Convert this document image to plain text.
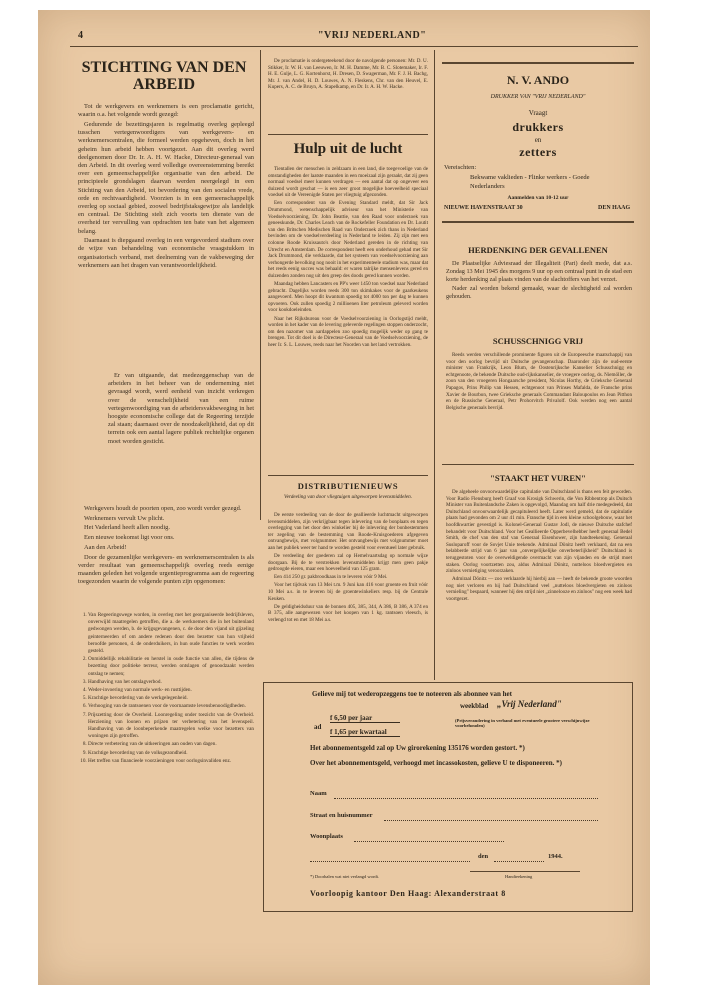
4	"VRIJ NEDERLAND"
STICHTING VAN DEN ARBEID

Tot de werkgevers en werknemers is een proclamatie gericht, waarin o.a. het volgende wordt gezegd:

Gedurende de bezettingsjaren is regelmatig overleg gepleegd tusschen vertegenwoordigers van werkgevers- en werknemerscentralen, die formeel werden opgeheven, doch in het geheim hun arbeid hebben voortgezet. Aan dit overleg werd deelgenomen door Dr. Ir. A. H. W. Hacke, Directeur-generaal van den Arbeid. In dit overleg werd volledige overeenstemming bereikt over een gemeenschappelijke organisatie van den arbeid. De principieele grondslagen daarvan werden neergelegd in een Stichting van den Arbeid, tot bevordering van den socialen vrede, orde en rechtvaardigheid. Voorzien is in een gemeenschappelijk overleg op sociaal gebied, zoowel bedrijfstaksgewijze als landelijk en centraal. De Stichting stelt zich voorts ten dienste van de overheid ter vervulling van opdrachten ten bate van het algemeen belang.

Daarnaast is diepgaand overleg in een vergevorderd stadium over de wijze van behandeling van economische vraagstukken in organisatorisch verband, met deelneming van de vakbeweging der werknemers aan het dragen van verantwoordelijkheid.

Er van uitgaande, dat medezeggenschap van de arbeiders in het beheer van de onderneming niet gevraagd wordt, werd eenheid van inzicht verkregen over de wenschelijkheid van een ruime vertegenwoordiging van de arbeidersvakbeweging in het hoogste economische college dat de Regeering terzijde zal staan; daarnaast over de noodzakelijkheid, dat op dit terrein ook een aantal lagere publiek rechtelijke organen moet worden gesticht.

Werkgevers houdt de poorten open, zoo wordt verder gezegd.

Werknemers vervult Uw plicht.

Het Vaderland heeft allen noodig.

Een nieuwe toekomst ligt voor ons.

Aan den Arbeid!

Door de gezamenlijke werkgevers- en werknemerscentralen is als verder resultaat van gemeenschappelijk overleg reeds eenige maanden geleden het volgende urgentieprogramma aan de regeering toegezonden waarin de volgende punten zijn opgenomen:

1. Van Regeeringswege worden, in overleg met het georganiseerde bedrijfsleven, onverwijld maatregelen getroffen, die a. de werknemers die in het buitenland gedwongen werden, b. de krijgsgevangenen, c. de door den vijand uit gijzeling geinterneerden of om andere redenen door den bezetter van hun vrijheid beroofde personen, d. de onderduikers, in hun oude functies te werk worden gesteld.
2. Onmiddellijk rehabilitatie en herstel in oude functie van allen, die tijdens de bezetting door politieke terreur, werden ontslagen of genoodzaakt werden ontslag te nemen;
3. Handhaving van het ontslagverbod.
4. Weder-invoering van normale werk- en rusttijden.
5. Krachtige bevordering van de werkgelegenheid.
6. Verhooging van de rantsoenen voor de voornaamste levensbenoodigdheden.
7. Prijszetting door de Overheid. Loonregeling onder toezicht van de Overheid. Herziening van loonen en prijzen ter verbetering van het levenspeil. Handhaving van de loonbeperkende maatregelen welke voor bezetters van woningen zijn getroffen.
8. Directe verbetering van de uitkeeringen aan ouden van dagen.
9. Krachtige bevordering van de volksgezondheid.
10. Het treffen van financieele voorzieningen voor oorlogsinvaliden enz.

De proclamatie is ondergeteekend door de navolgende personen: Mr. D. U. Stikker, Ir. W. H. van Leeuwen, Ir. M. H. Damme, Mr. B. C. Slotemaker, Ir. F. H. E. Gulje, L. G. Kortenhorst, H. Dresen, D. Swagerman, Mr. F. J. H. Bachg, Mr. J. van Andel, H. D. Louwes, A. N. Fleskens, Chr. van den Heuvel, E. Kupers, A. C. de Bruyn, A. Stapelkamp, en Dr. Ir. A. H. W. Hacke.

Hulp uit de lucht

Tientallen der menschen in zeldzaam in een land, die toegevoelige van de omstandigheden der laatste maanden in een moeizaal zijn geraakt, dat zij geen normaal voedsel meer kunnen verdragen — een aantal dat op ongeveer een duizend wordt geschat — is een zeer groot mogelijke hoeveelheid speciaal voedsel uit de Vereenigde Staten per vliegtuig afgezonden.

Een correspondent van de Evening Standard meldt, dat Sir Jack Drummond, wetenschappelijk adviseur van het Ministerie van Voedselvoorziening, Dr. John Beattie, van den Raad voor onderzoek van geneeskunde, Dr. Charles Leach van de Rockefeller Foundation en Dr. Loutit van den Britschen Medischen Raad van Onderzoek zich thans in Nederland bevinden om de voedselverdeeling in Nederland te leiden. Zij zijn met een colonne Roode Kruissauto's door Nederland gereden in de richting van Utrecht en Amsterdam. De correspondent heeft een onderhoud gehad met Sir Jack Drummond, die verklaarde, dat het systeem van voedselvoorziening aan verhongerde bevolking nog nooit in het experimenteele stadium was, maar dat het reeds eenig succes was behaald: er waren talrijke mensenlevens gered en duizenden zonden nog uit den greep des doods gered kunnen worden.

Maandag hebben Lancasters en PP's weer 1450 ton voedsel naar Nederland gebracht. Dagelijks worden reeds 300 ton skimkakes voor de gaarkeukens aangevoerd. Men hoopt dit kwantum spoedig tot 4000 ton per dag te kunnen opvoeren. Ook zullen spoedig 2 millioenen liter petroleum geleverd worden voor kookdoeleinden.

Naar het Rijksbureau voor de Voedselvoorziening in Oorlogstijd meldt, worden in het kader van de levering geleverde regelingen stoppen onderzocht, om den nazomer van aardappelen zoo spoedig mogelijk weder op gang te brengen. Tot dit doel is de Directeur-Generaal van de Voedselvoorziening, de heer Ir. S. L. Louwes, reeds naar het Noorden van het land vertrokken.

DISTRIBUTIENIEUWS
Verdeeling van door vliegtuigen uitgeworpen levensmiddelen.

De eerste verdeeling van de door de geallieerde luchtmacht uitgeworpen levensmiddelen, zijn verkrijgbaar tegen inlevering van de bonplaats en tegen overlegging van het door den winkelier bij de inlevering der bonbestemmen ter zegeling van de bestemming van Roode-Kruisgoederen afgegeven ontvangbewijs, met volgnummer. Het ontvangbewijs met volgnummer moet aan het publiek weer ter hand te worden gesteld voor eventueel later gebruik.

De verdeeling der goederen zal op Hemelvaartsdag op normale wijze doorgaan. Bij de te verstrekken levensmiddelen krijgt men geen pakje gedroogde eieren, maar een hoeveelheid van 125 gram.

Een 414 250 gr. pakbroodkaas in te leveren vóór 9 Mei.

Voor het tijdvak van 13 Mei t.m. 9 Juni kan 416 voor groente en fruit vóór 10 Mei a.s. in te leveren bij de groentewinkeliers resp. bij de Centrale Keuken.

De geldigheidsduur van de bonnen 405, 385, 344, A 386, B 386, A 374 en B 375, alle aangewezen voor het koopen van 1 kg. rantsoen vleesch, is verlengd tot en met 18 Mei a.s.

N. V. ANDO
DRUKKER VAN "VRIJ NEDERLAND"
Vraagt
drukkers
en
zetters
Vereischten:
Bekwame vaklieden - Flinke werkers - Goede Nederlanders
Aanmelden van 10-12 uur
NIEUWE HAVENSTRAAT 30	DEN HAAG
HERDENKING DER GEVALLENEN

De Plaatselijke Adviesraad der Illegaliteit (Pari) deelt mede, dat a.s. Zondag 13 Mei 1945 des morgens 9 uur op een centraal punt in de stad een korte herdenking zal plaats vinden van de slachtoffers van het verzet.

Nader zal worden bekend gemaakt, waar de slechtigheid zal worden gehouden.

SCHUSSCHNIGG VRIJ

Reeds werden verschillende prominente figuren uit de Europeesche maatschappij van voor den oorlog bevrijd uit Duitsche gevangenschap. Daaronder zijn de oud-eerste minister van Frankrijk, Leon Blum, de Oostenrijksche Kanselier Schusschnigg en echtgenoote, de bekende Duitsche oud-rijkskanselier, de vroegere oorlog, ds. Niemöller, de zoon van den vroegeren Hongaarsche president, Nicolas Horthy, de Grieksche Generaal Papagos, Prins Philip van Hessen, echtgenoot van Prinses Mafalda, de Fransche prins Xavier de Bourbon, twee Grieksche generaals Commandant Baloupoulos en Jean Pitthon en de Russische Generaal, Petr Prohorvitch Privalolf. Ook werden nog een aantal Belgische generaals bevrijd.

"STAAKT HET VUREN"

De algeheele onvoorwaardelijke capitulatie van Duitschland is thans een feit geworden. Voor Radio Flensburg heeft Graaf von Krosigk Schwerin, die Von Ribbentrop als Duitsch Minister van Buitenlandsche Zaken is opgevolgd, Maandag om half drie medegedeeld, dat Duitschland onvoorwaardelijk gecapituleerd heeft. Later werd gemeld, dat de capitulatie plaats had gevonden om 2 uur 41 min. Fransche tijd in een kleine schoolgebouw, waar het hoofdkwartier gevestigd is. Kolonel-Generaal Gustav Jodl, de nieuwe Duitsche stafchef behandelt voor Duitschland. Voor het Geallieerde Opperbevelhebber heeft generaal Bedel Smith, de chef van den staf van Generaal Eisenhower, zijn handteekening. Generaal Susloparoff voor de Sovjet Unie teekende. Admiraal Dönitz heeft verklaard, dat na een belabberde strijd van 6 jaar van „onvergelijkelijke onverbeterlijkheid" Duitschland is teruggestoten voor de overweldigende overmacht van zijn vijanden en de strijd moet staken. Oorlog voortzetten zou, aldus Admiraal Dönitz, nutteloos bloedvergieten en zinloos vernietiging veroorzaken.

Admiraal Dönitz — zoo verklaarde hij hierbij aan — heeft de bekende groote woorden nog niet verloren en hij had Duitschland veel „nutteloos bloedvergieten en zinloos vernieling" bespaard, wanneer hij den strijd niet „zinnelooze en zinloos" nog een week had voortgezet.

Gelieve mij tot wederopzeggens toe te noteeren als abonnee van het
weekblad „Vrij Nederland"
ad
f 6,50 per jaar
f 1,65 per kwartaal
(Prijsverandering in verband met eventueele grootere verschijnwijze voorbehouden)
Het abonnementsgeld zal op Uw girorekening 135176 worden gestort. *)
Over het abonnementsgeld, verhoogd met incassokosten, gelieve U te disponeeren. *)
Naam
Straat en huisnummer
Woonplaats
den	1944.
*) Doorhalen wat niet verlangd wordt.	Handteekening
Voorloopig kantoor Den Haag: Alexanderstraat 8
